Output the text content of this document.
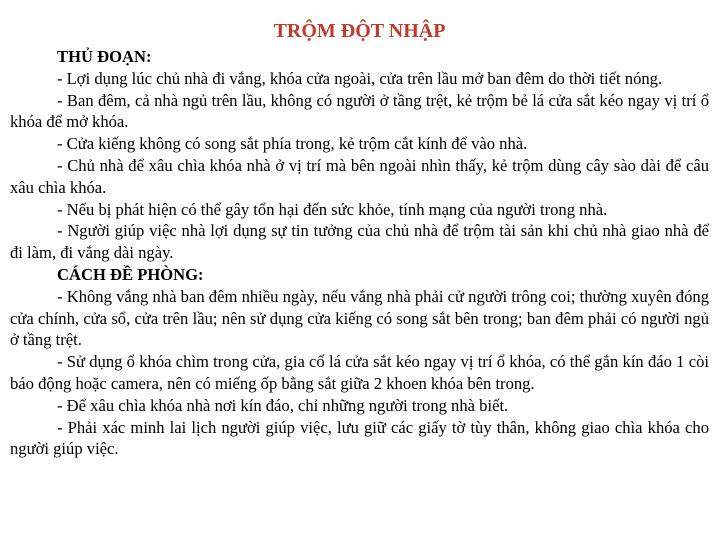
TRỘM ĐỘT NHẬP
THỦ ĐOẠN:

- Lợi dụng lúc chủ nhà đi vắng, khóa cửa ngoài, cửa trên lầu mở ban đêm do thời tiết nóng.

- Ban đêm, cả nhà ngủ trên lầu, không có người ở tầng trệt, kẻ trộm bẻ lá cửa sắt kéo ngay vị trí ổ khóa để mở khóa.

- Cửa kiếng không có song sắt phía trong, kẻ trộm cắt kính để vào nhà.

- Chủ nhà để xâu chìa khóa nhà ở vị trí mà bên ngoài nhìn thấy, kẻ trộm dùng cây sào dài để câu xâu chìa khóa.

- Nếu bị phát hiện có thể gây tổn hại đến sức khỏe, tính mạng của người trong nhà.

- Người giúp việc nhà lợi dụng sự tin tưởng của chủ nhà để trộm tài sản khi chủ nhà giao nhà để đi làm, đi vắng dài ngày.

CÁCH ĐỀ PHÒNG:

- Không vắng nhà ban đêm nhiều ngày, nếu vắng nhà phải cử người trông coi; thường xuyên đóng cửa chính, cửa sổ, cửa trên lầu; nên sử dụng cửa kiếng có song sắt bên trong; ban đêm phải có người ngủ ở tầng trệt.

- Sử dụng ổ khóa chìm trong cửa, gia cố lá cửa sắt kéo ngay vị trí ổ khóa, có thể gắn kín đáo 1 còi báo động hoặc camera, nên có miếng ốp bằng sắt giữa 2 khoen khóa bên trong.

- Để xâu chìa khóa nhà nơi kín đáo, chỉ những người trong nhà biết.

- Phải xác minh lai lịch người giúp việc, lưu giữ các giấy tờ tùy thân, không giao chìa khóa cho người giúp việc.
